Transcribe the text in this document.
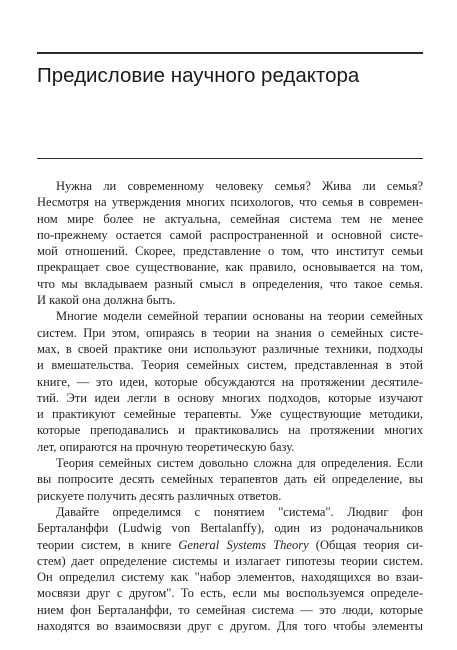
Предисловие научного редактора
Нужна ли современному человеку семья? Жива ли семья?
Несмотря на утверждения многих психологов, что семья в современ-
ном мире более не актуальна, семейная система тем не менее
по-прежнему остается самой распространенной и основной систе-
мой отношений. Скорее, представление о том, что институт семьи
прекращает свое существование, как правило, основывается на том,
что мы вкладываем разный смысл в определения, что такое семья.
И какой она должна быть.
Многие модели семейной терапии основаны на теории семейных
систем. При этом, опираясь в теории на знания о семейных систе-
мах, в своей практике они используют различные техники, подходы
и вмешательства. Теория семейных систем, представленная в этой
книге, — это идеи, которые обсуждаются на протяжении десятиле-
тий. Эти идеи легли в основу многих подходов, которые изучают
и практикуют семейные терапевты. Уже существующие методики,
которые преподавались и практиковались на протяжении многих
лет, опираются на прочную теоретическую базу.
Теория семейных систем довольно сложна для определения. Если
вы попросите десять семейных терапевтов дать ей определение, вы
рискуете получить десять различных ответов.
Давайте определимся с понятием "система". Людвиг фон
Берталанффи (Ludwig von Bertalanffy), один из родоначальников
теории систем, в книге General Systems Theory (Общая теория си-
стем) дает определение системы и излагает гипотезы теории систем.
Он определил систему как "набор элементов, находящихся во взаи-
мосвязи друг с другом". То есть, если мы воспользуемся определе-
нием фон Берталанффи, то семейная система — это люди, которые
находятся во взаимосвязи друг с другом. Для того чтобы элементы
